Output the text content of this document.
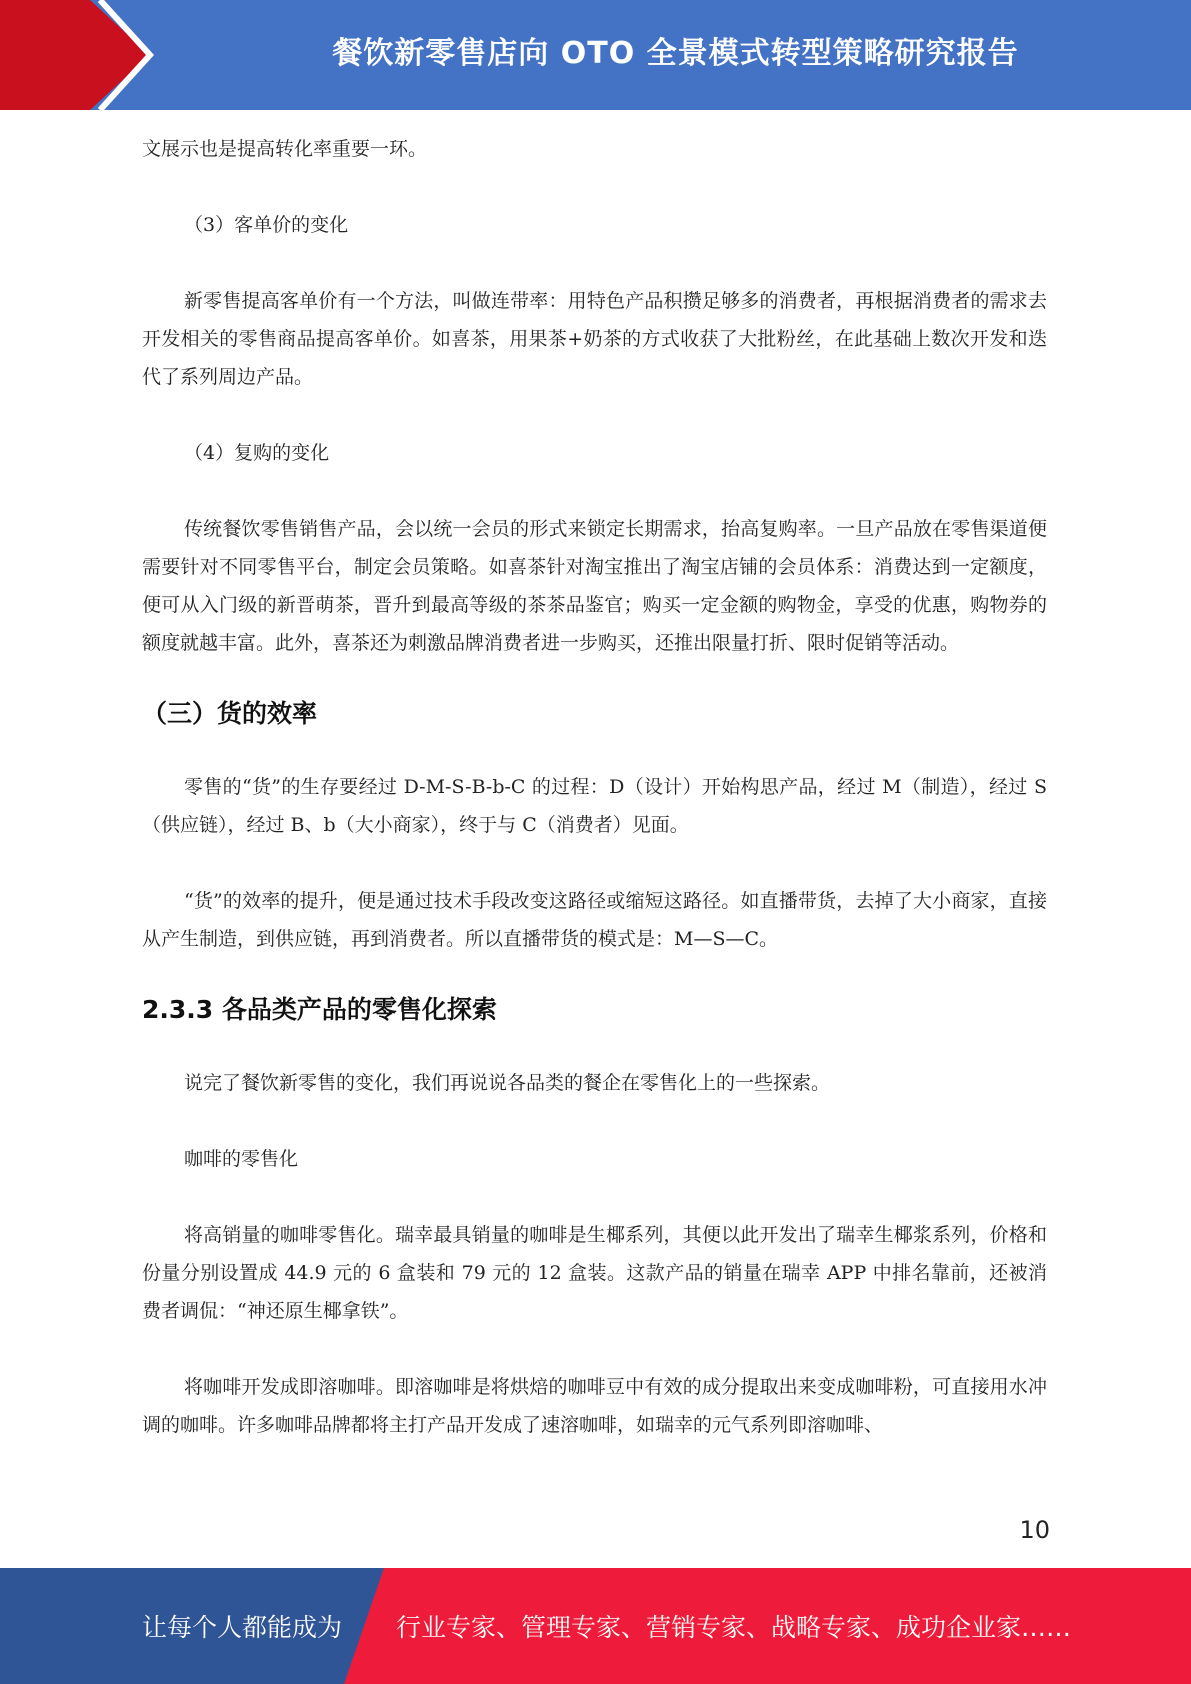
餐饮新零售店向 OTO 全景模式转型策略研究报告

文展示也是提高转化率重要一环。

（3）客单价的变化

新零售提高客单价有一个方法，叫做连带率：用特色产品积攒足够多的消费者，再根据消费者的需求去开发相关的零售商品提高客单价。如喜茶，用果茶+奶茶的方式收获了大批粉丝，在此基础上数次开发和迭代了系列周边产品。

（4）复购的变化

传统餐饮零售销售产品，会以统一会员的形式来锁定长期需求，抬高复购率。一旦产品放在零售渠道便需要针对不同零售平台，制定会员策略。如喜茶针对淘宝推出了淘宝店铺的会员体系：消费达到一定额度，便可从入门级的新晋萌茶，晋升到最高等级的茶茶品鉴官；购买一定金额的购物金，享受的优惠，购物券的额度就越丰富。此外，喜茶还为刺激品牌消费者进一步购买，还推出限量打折、限时促销等活动。

（三）货的效率

零售的“货”的生存要经过 D-M-S-B-b-C 的过程：D（设计）开始构思产品，经过 M（制造），经过 S（供应链），经过 B、b（大小商家），终于与 C（消费者）见面。

“货”的效率的提升，便是通过技术手段改变这路径或缩短这路径。如直播带货，去掉了大小商家，直接从产生制造，到供应链，再到消费者。所以直播带货的模式是：M—S—C。

2.3.3 各品类产品的零售化探索

说完了餐饮新零售的变化，我们再说说各品类的餐企在零售化上的一些探索。

咖啡的零售化

将高销量的咖啡零售化。瑞幸最具销量的咖啡是生椰系列，其便以此开发出了瑞幸生椰浆系列，价格和份量分别设置成 44.9 元的 6 盒装和 79 元的 12 盒装。这款产品的销量在瑞幸 APP 中排名靠前，还被消费者调侃：“神还原生椰拿铁”。

将咖啡开发成即溶咖啡。即溶咖啡是将烘焙的咖啡豆中有效的成分提取出来变成咖啡粉，可直接用水冲调的咖啡。许多咖啡品牌都将主打产品开发成了速溶咖啡，如瑞幸的元气系列即溶咖啡、

10
让每个人都能成为 行业专家、管理专家、营销专家、战略专家、成功企业家……
